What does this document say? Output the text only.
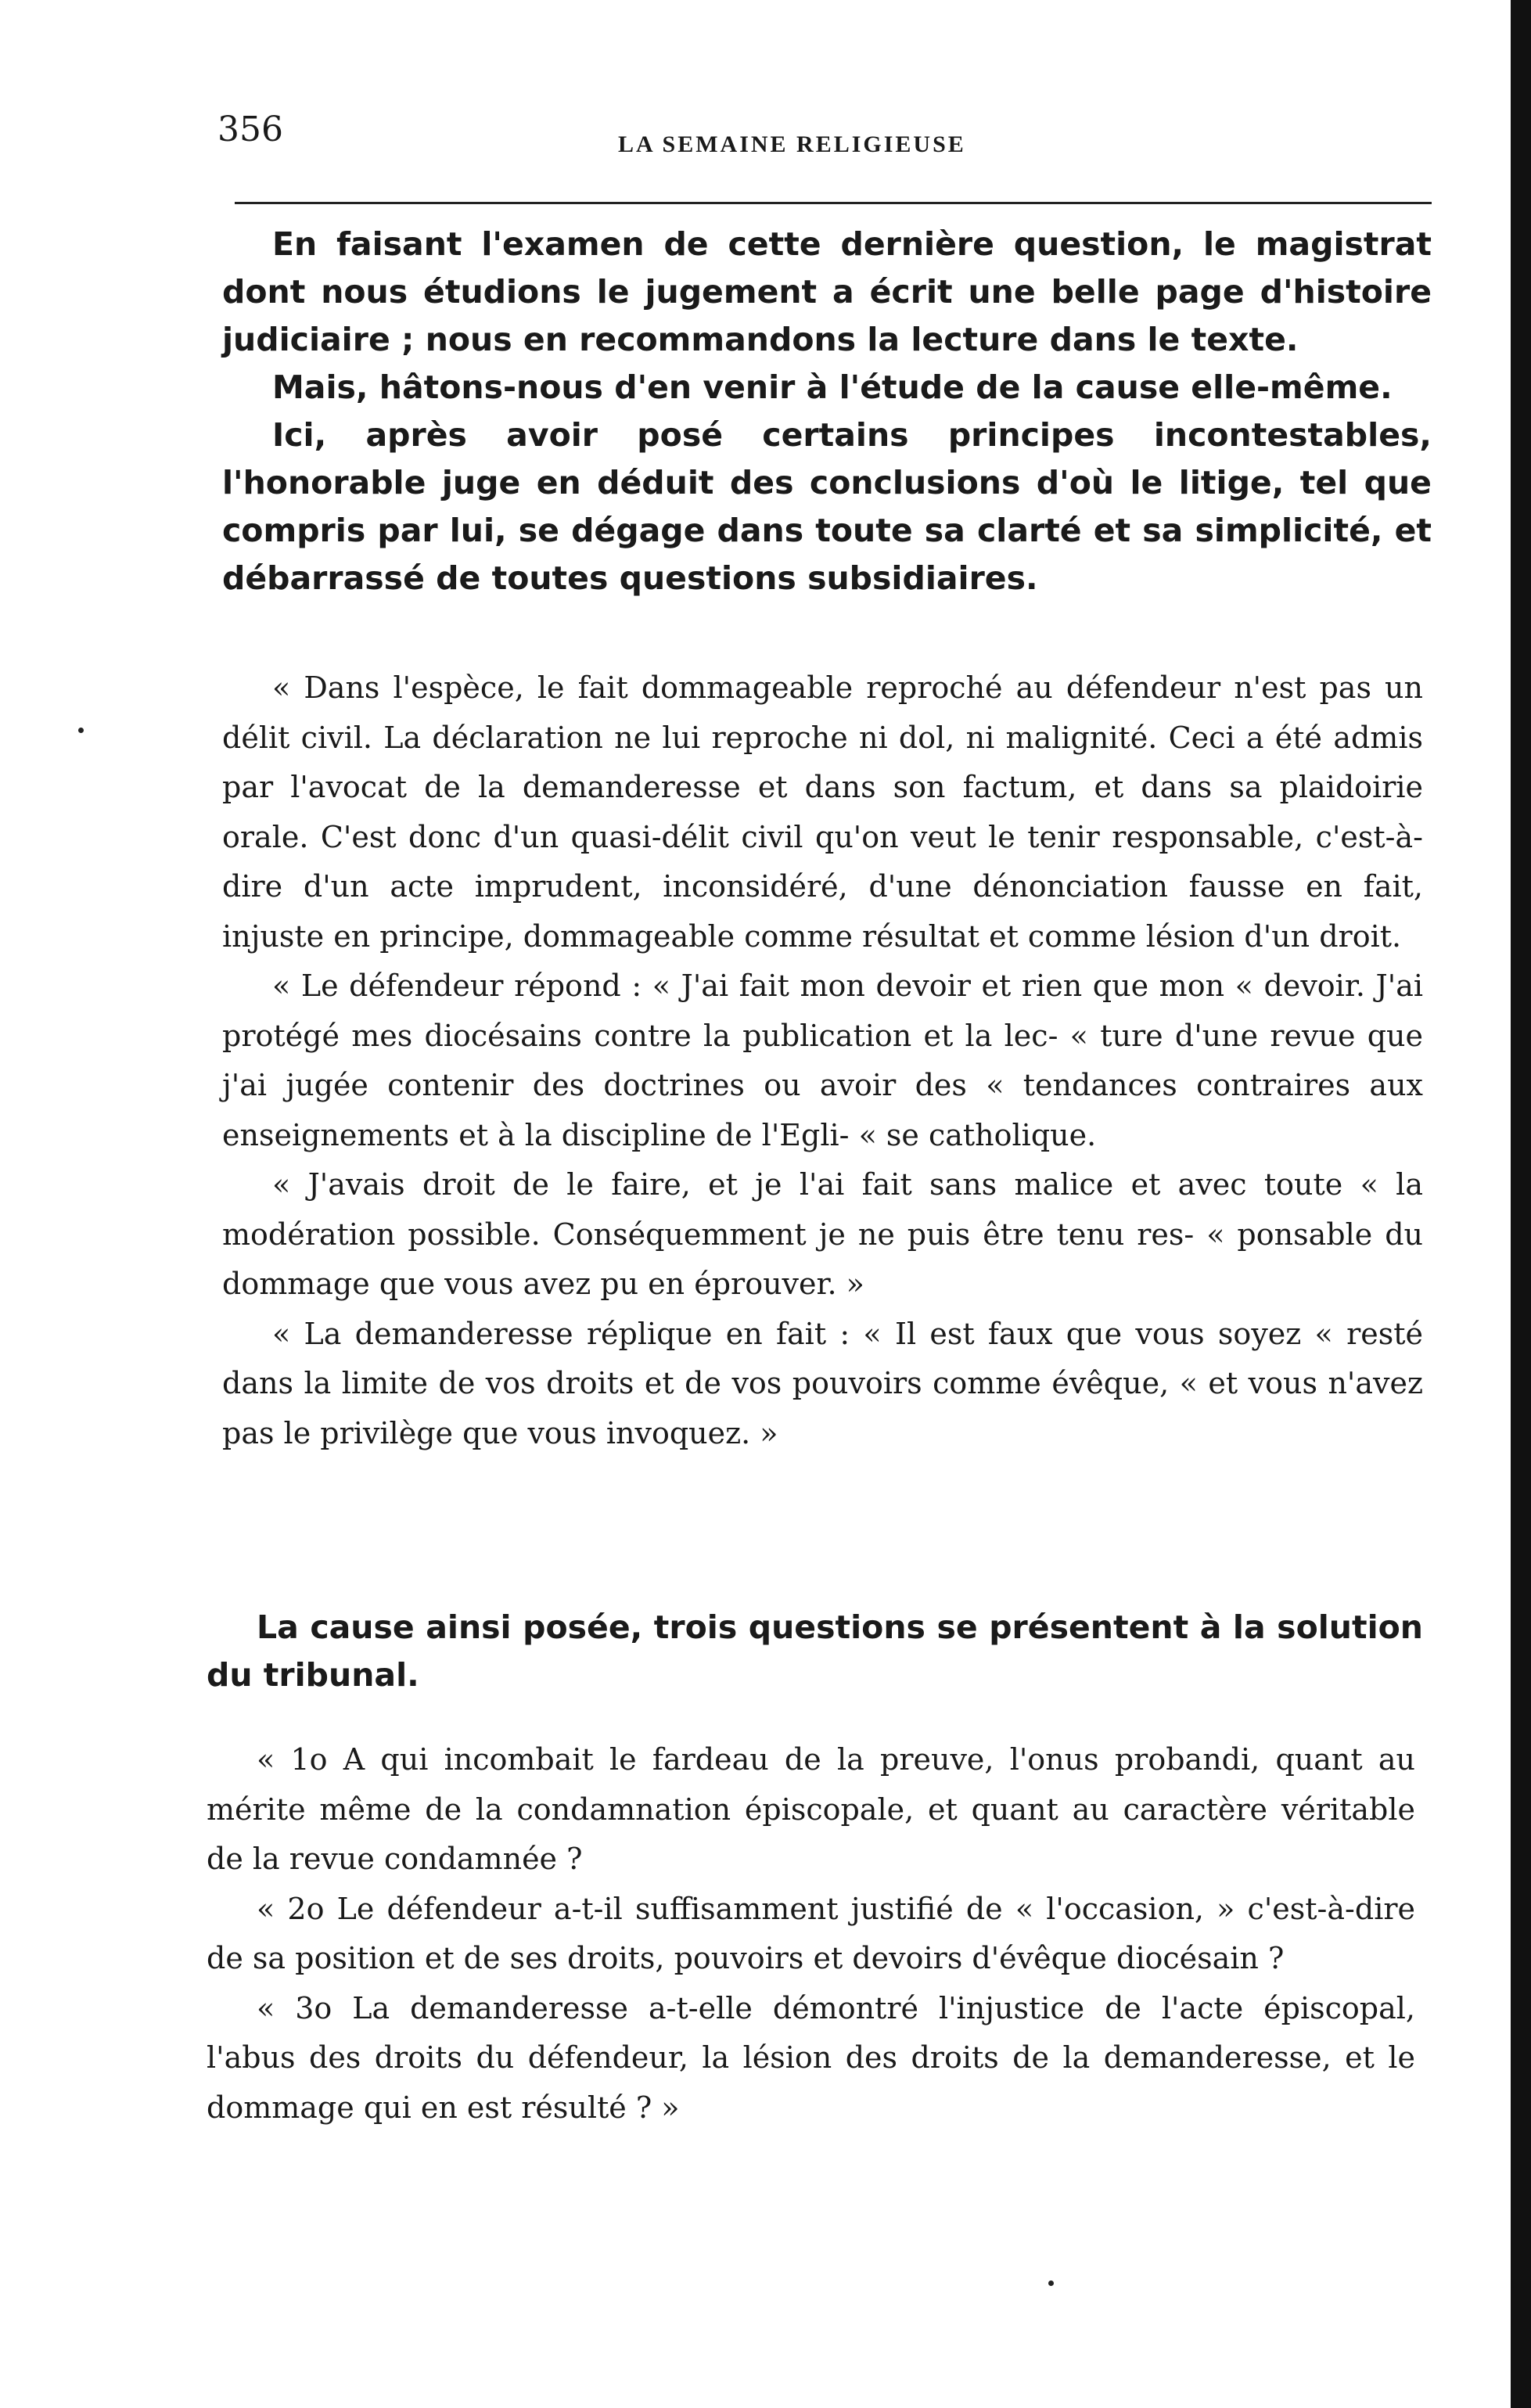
356	LA SEMAINE RELIGIEUSE

En faisant l'examen de cette dernière question, le magistrat dont nous étudions le jugement a écrit une belle page d'histoire judiciaire ; nous en recommandons la lecture dans le texte.

Mais, hâtons-nous d'en venir à l'étude de la cause elle-même.

Ici, après avoir posé certains principes incontestables, l'honorable juge en déduit des conclusions d'où le litige, tel que compris par lui, se dégage dans toute sa clarté et sa simplicité, et débarrassé de toutes questions subsidiaires.

« Dans l'espèce, le fait dommageable reproché au défendeur n'est pas un délit civil. La déclaration ne lui reproche ni dol, ni malignité. Ceci a été admis par l'avocat de la demanderesse et dans son factum, et dans sa plaidoirie orale. C'est donc d'un quasi-délit civil qu'on veut le tenir responsable, c'est-à-dire d'un acte imprudent, inconsidéré, d'une dénonciation fausse en fait, injuste en principe, dommageable comme résultat et comme lésion d'un droit.

« Le défendeur répond : « J'ai fait mon devoir et rien que mon « devoir. J'ai protégé mes diocésains contre la publication et la lec- « ture d'une revue que j'ai jugée contenir des doctrines ou avoir des « tendances contraires aux enseignements et à la discipline de l'Egli- « se catholique.

« J'avais droit de le faire, et je l'ai fait sans malice et avec toute « la modération possible. Conséquemment je ne puis être tenu res- « ponsable du dommage que vous avez pu en éprouver. »

« La demanderesse réplique en fait : « Il est faux que vous soyez « resté dans la limite de vos droits et de vos pouvoirs comme évêque, « et vous n'avez pas le privilège que vous invoquez. »

La cause ainsi posée, trois questions se présentent à la solution du tribunal.

« 1o A qui incombait le fardeau de la preuve, l'onus probandi, quant au mérite même de la condamnation épiscopale, et quant au caractère véritable de la revue condamnée ?

« 2o Le défendeur a-t-il suffisamment justifié de « l'occasion, » c'est-à-dire de sa position et de ses droits, pouvoirs et devoirs d'évêque diocésain ?

« 3o La demanderesse a-t-elle démontré l'injustice de l'acte épiscopal, l'abus des droits du défendeur, la lésion des droits de la demanderesse, et le dommage qui en est résulté ? »
